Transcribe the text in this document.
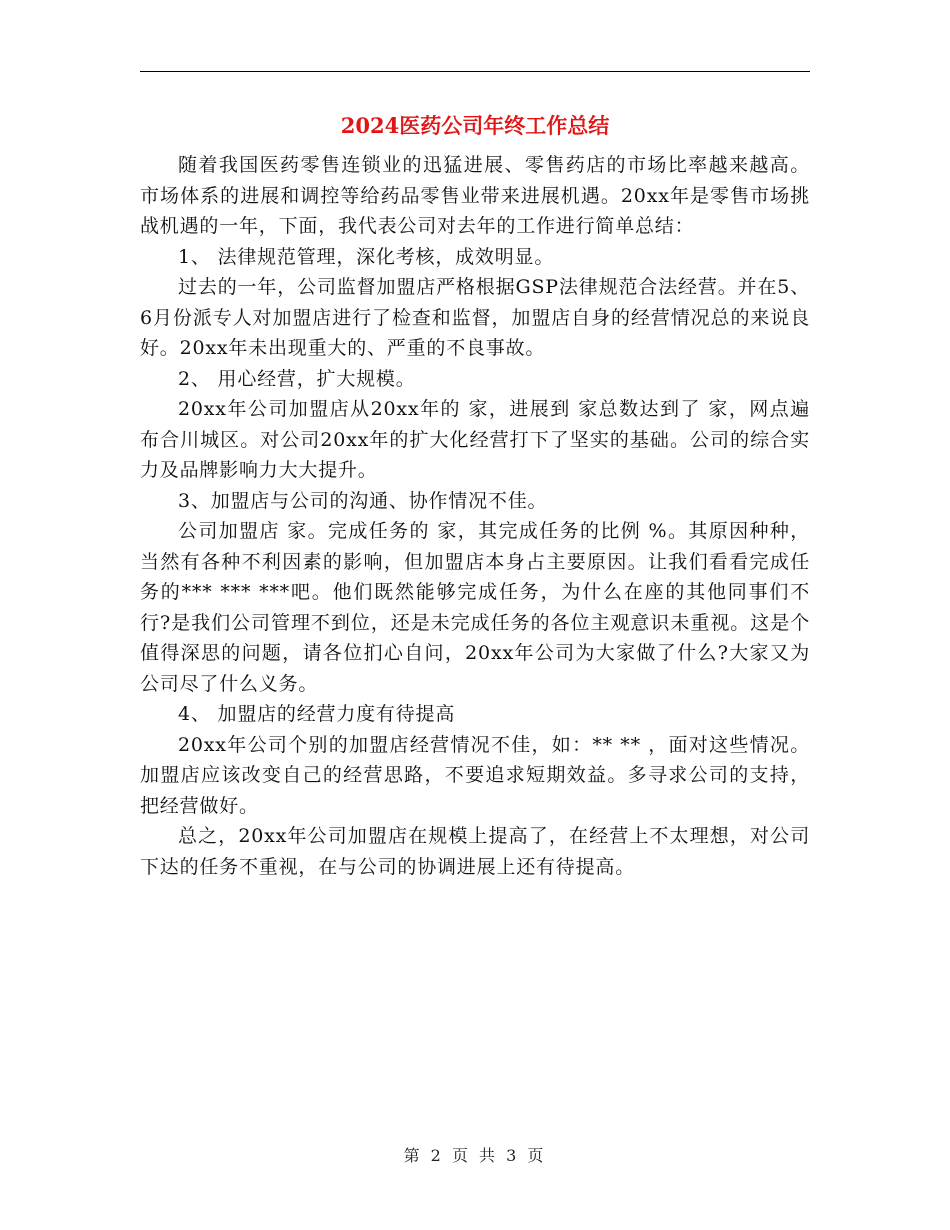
2024医药公司年终工作总结

随着我国医药零售连锁业的迅猛进展、零售药店的市场比率越来越高。 市场体系的进展和调控等给药品零售业带来进展机遇。20xx年是零售市场挑战机遇的一年，下面，我代表公司对去年的工作进行简单总结：

1、 法律规范管理，深化考核，成效明显。

过去的一年，公司监督加盟店严格根据GSP法律规范合法经营。并在5、6月份派专人对加盟店进行了检查和监督，加盟店自身的经营情况总的来说良好。20xx年未出现重大的、严重的不良事故。

2、 用心经营，扩大规模。

20xx年公司加盟店从20xx年的 家，进展到 家总数达到了 家，网点遍布合川城区。对公司20xx年的扩大化经营打下了坚实的基础。公司的综合实力及品牌影响力大大提升。

3、加盟店与公司的沟通、协作情况不佳。

公司加盟店 家。完成任务的 家，其完成任务的比例 %。其原因种种，当然有各种不利因素的影响，但加盟店本身占主要原因。让我们看看完成任务的*** *** ***吧。他们既然能够完成任务，为什么在座的其他同事们不行?是我们公司管理不到位，还是未完成任务的各位主观意识未重视。这是个值得深思的问题，请各位扪心自问，20xx年公司为大家做了什么?大家又为公司尽了什么义务。

4、 加盟店的经营力度有待提高

20xx年公司个别的加盟店经营情况不佳，如：** ** ，面对这些情况。加盟店应该改变自己的经营思路，不要追求短期效益。多寻求公司的支持，把经营做好。

总之，20xx年公司加盟店在规模上提高了，在经营上不太理想，对公司下达的任务不重视，在与公司的协调进展上还有待提高。

第 2 页 共 3 页
